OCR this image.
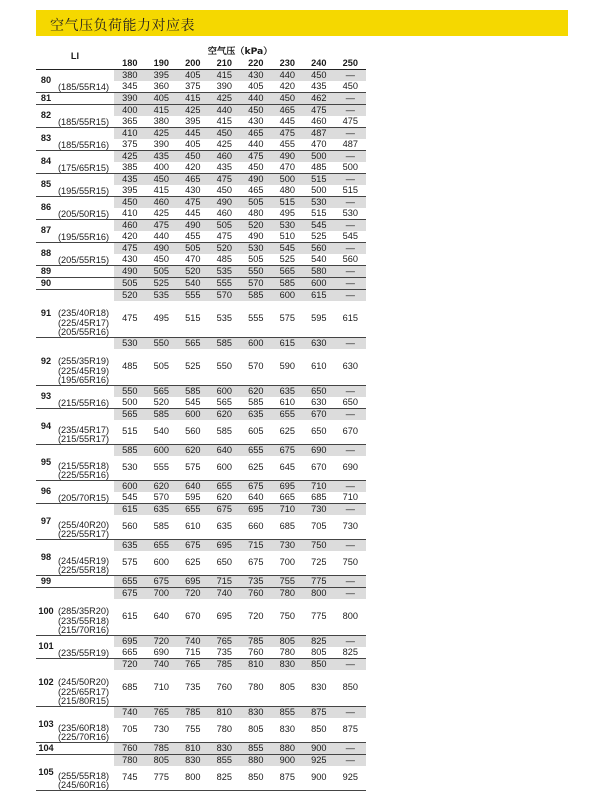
空气压负荷能力对应表
LI		空气压（kPa）							
		180	190	200	210	220	230	240	250
80	(185/55R14)	380	395	405	415	430	440	450	—
		345	360	375	390	405	420	435	450
81		390	405	415	425	440	450	462	—
82	(185/55R15)	400	415	425	440	450	465	475	—
		365	380	395	415	430	445	460	475
83	(185/55R16)	410	425	445	450	465	475	487	—
		375	390	405	425	440	455	470	487
84	(175/65R15)	425	435	450	460	475	490	500	—
		385	400	420	435	450	470	485	500
85	(195/55R15)	435	450	465	475	490	500	515	—
		395	415	430	450	465	480	500	515
86	(205/50R15)	450	460	475	490	505	515	530	—
		410	425	445	460	480	495	515	530
87	(195/55R16)	460	475	490	505	520	530	545	—
		420	440	455	475	490	510	525	545
88	(205/55R15)	475	490	505	520	530	545	560	—
		430	450	470	485	505	525	540	560
89		490	505	520	535	550	565	580	—
90		505	525	540	555	570	585	600	—
91	(235/40R18)
(225/45R17)
(205/55R16)	520	535	555	570	585	600	615	—
		475	495	515	535	555	575	595	615
92	(255/35R19)
(225/45R19)
(195/65R16)	530	550	565	585	600	615	630	—
		485	505	525	550	570	590	610	630
93	(215/55R16)	550	565	585	600	620	635	650	—
		500	520	545	565	585	610	630	650
94	(235/45R17)
(215/55R17)	565	585	600	620	635	655	670	—
		515	540	560	585	605	625	650	670
95	(215/55R18)
(225/55R16)	585	600	620	640	655	675	690	—
		530	555	575	600	625	645	670	690
96	(205/70R15)	600	620	640	655	675	695	710	—
		545	570	595	620	640	665	685	710
97	(255/40R20)
(225/55R17)	615	635	655	675	695	710	730	—
		560	585	610	635	660	685	705	730
98	(245/45R19)
(225/55R18)	635	655	675	695	715	730	750	—
		575	600	625	650	675	700	725	750
99		655	675	695	715	735	755	775	—
100	(285/35R20)
(235/55R18)
(215/70R16)	675	700	720	740	760	780	800	—
		615	640	670	695	720	750	775	800
101	(235/55R19)	695	720	740	765	785	805	825	—
		665	690	715	735	760	780	805	825
102	(245/50R20)
(225/65R17)
(215/80R15)	720	740	765	785	810	830	850	—
		685	710	735	760	780	805	830	850
103	(235/60R18)
(225/70R16)	740	765	785	810	830	855	875	—
		705	730	755	780	805	830	850	875
104		760	785	810	830	855	880	900	—
105	(255/55R18)
(245/60R16)	780	805	830	855	880	900	925	—
		745	775	800	825	850	875	900	925
